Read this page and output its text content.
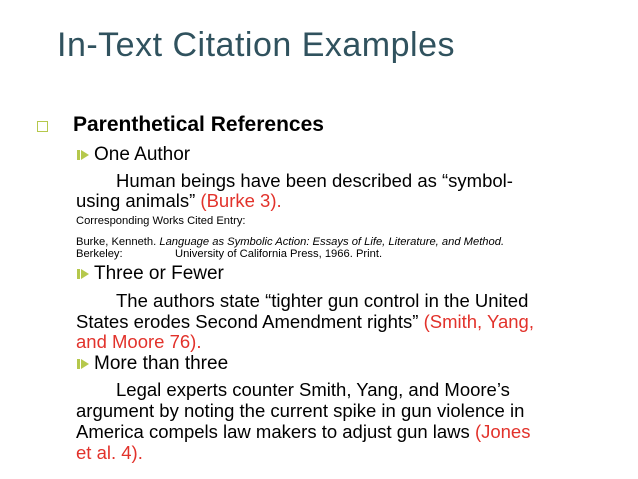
In-Text Citation Examples
Parenthetical References
One Author
Human beings have been described as “symbol-
using animals” (Burke 3).
Corresponding Works Cited Entry:
Burke, Kenneth. Language as Symbolic Action: Essays of Life, Literature, and Method.
Berkeley:	University of California Press, 1966. Print.
Three or Fewer
The authors state “tighter gun control in the United
States erodes Second Amendment rights” (Smith, Yang,
and Moore 76).
More than three
Legal experts counter Smith, Yang, and Moore’s
argument by noting the current spike in gun violence in
America compels law makers to adjust gun laws (Jones
et al. 4).
